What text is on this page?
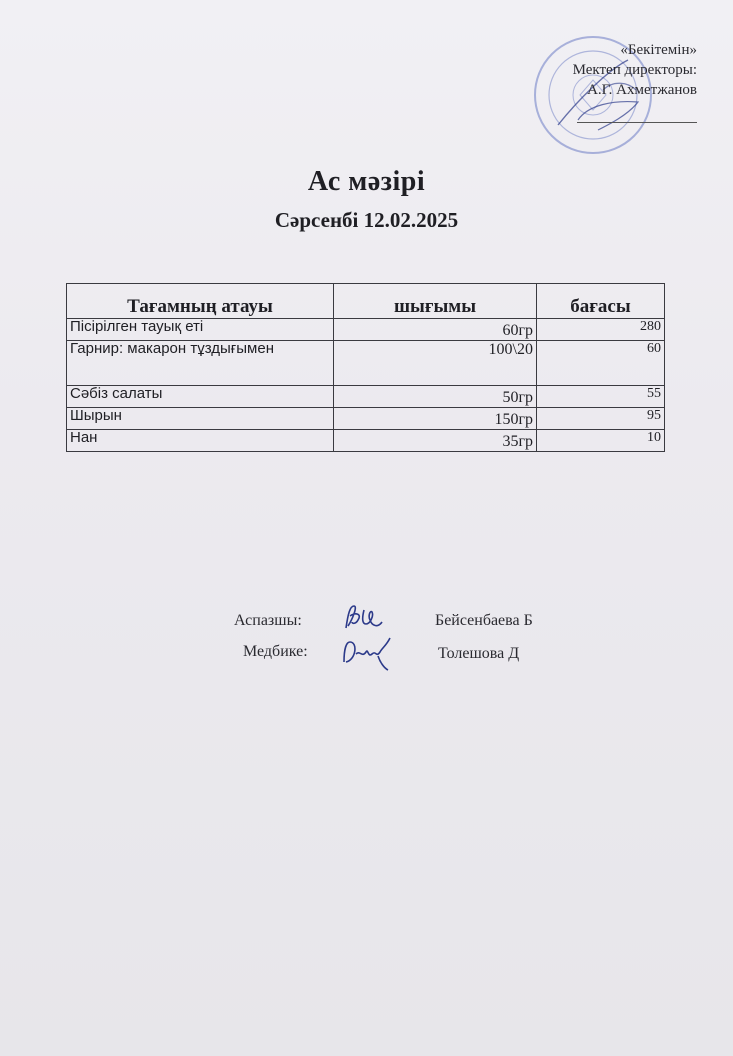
«Бекітемін»
Мектеп директоры:
А.Г. Ахметжанов
Ас мәзірі
Сәрсенбі 12.02.2025
Тағамның атауы	шығымы	бағасы
Пісірілген тауық еті	60гр	280
Гарнир: макарон тұздығымен	100\20	60
Сәбіз салаты	50гр	55
Шырын	150гр	95
Нан	35гр	10
Аспазшы:	Бейсенбаева Б
Медбике:	Толешова Д
